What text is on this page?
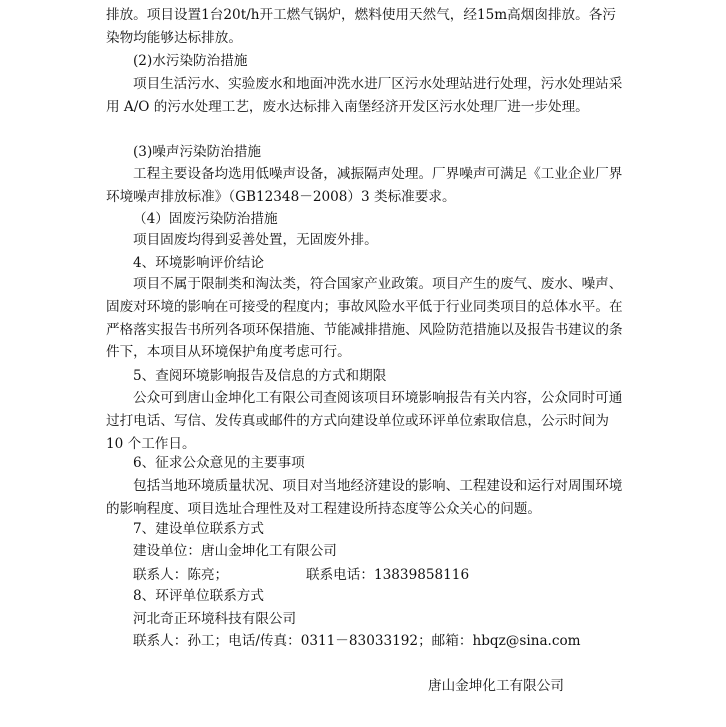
排放。项目设置1台20t/h开工燃气锅炉，燃料使用天然气，经15m高烟囱排放。各污染物均能够达标排放。
(2)水污染防治措施
项目生活污水、实验废水和地面冲洗水进厂区污水处理站进行处理，污水处理站采用 A/O 的污水处理工艺，废水达标排入南堡经济开发区污水处理厂进一步处理。
(3)噪声污染防治措施
工程主要设备均选用低噪声设备，减振隔声处理。厂界噪声可满足《工业企业厂界环境噪声排放标准》（GB12348－2008）3 类标准要求。
（4）固废污染防治措施
项目固废均得到妥善处置，无固废外排。
4、环境影响评价结论
项目不属于限制类和淘汰类，符合国家产业政策。项目产生的废气、废水、噪声、固废对环境的影响在可接受的程度内；事故风险水平低于行业同类项目的总体水平。在严格落实报告书所列各项环保措施、节能减排措施、风险防范措施以及报告书建议的条件下，本项目从环境保护角度考虑可行。
5、查阅环境影响报告及信息的方式和期限
公众可到唐山金坤化工有限公司查阅该项目环境影响报告有关内容，公众同时可通过打电话、写信、发传真或邮件的方式向建设单位或环评单位索取信息，公示时间为 10 个工作日。
6、征求公众意见的主要事项
包括当地环境质量状况、项目对当地经济建设的影响、工程建设和运行对周围环境的影响程度、项目选址合理性及对工程建设所持态度等公众关心的问题。
7、建设单位联系方式
建设单位：唐山金坤化工有限公司
联系人：陈亮；	联系电话：13839858116
8、环评单位联系方式
河北奇正环境科技有限公司
联系人：孙工；电话/传真：0311－83033192；邮箱：hbqz@sina.com
唐山金坤化工有限公司
